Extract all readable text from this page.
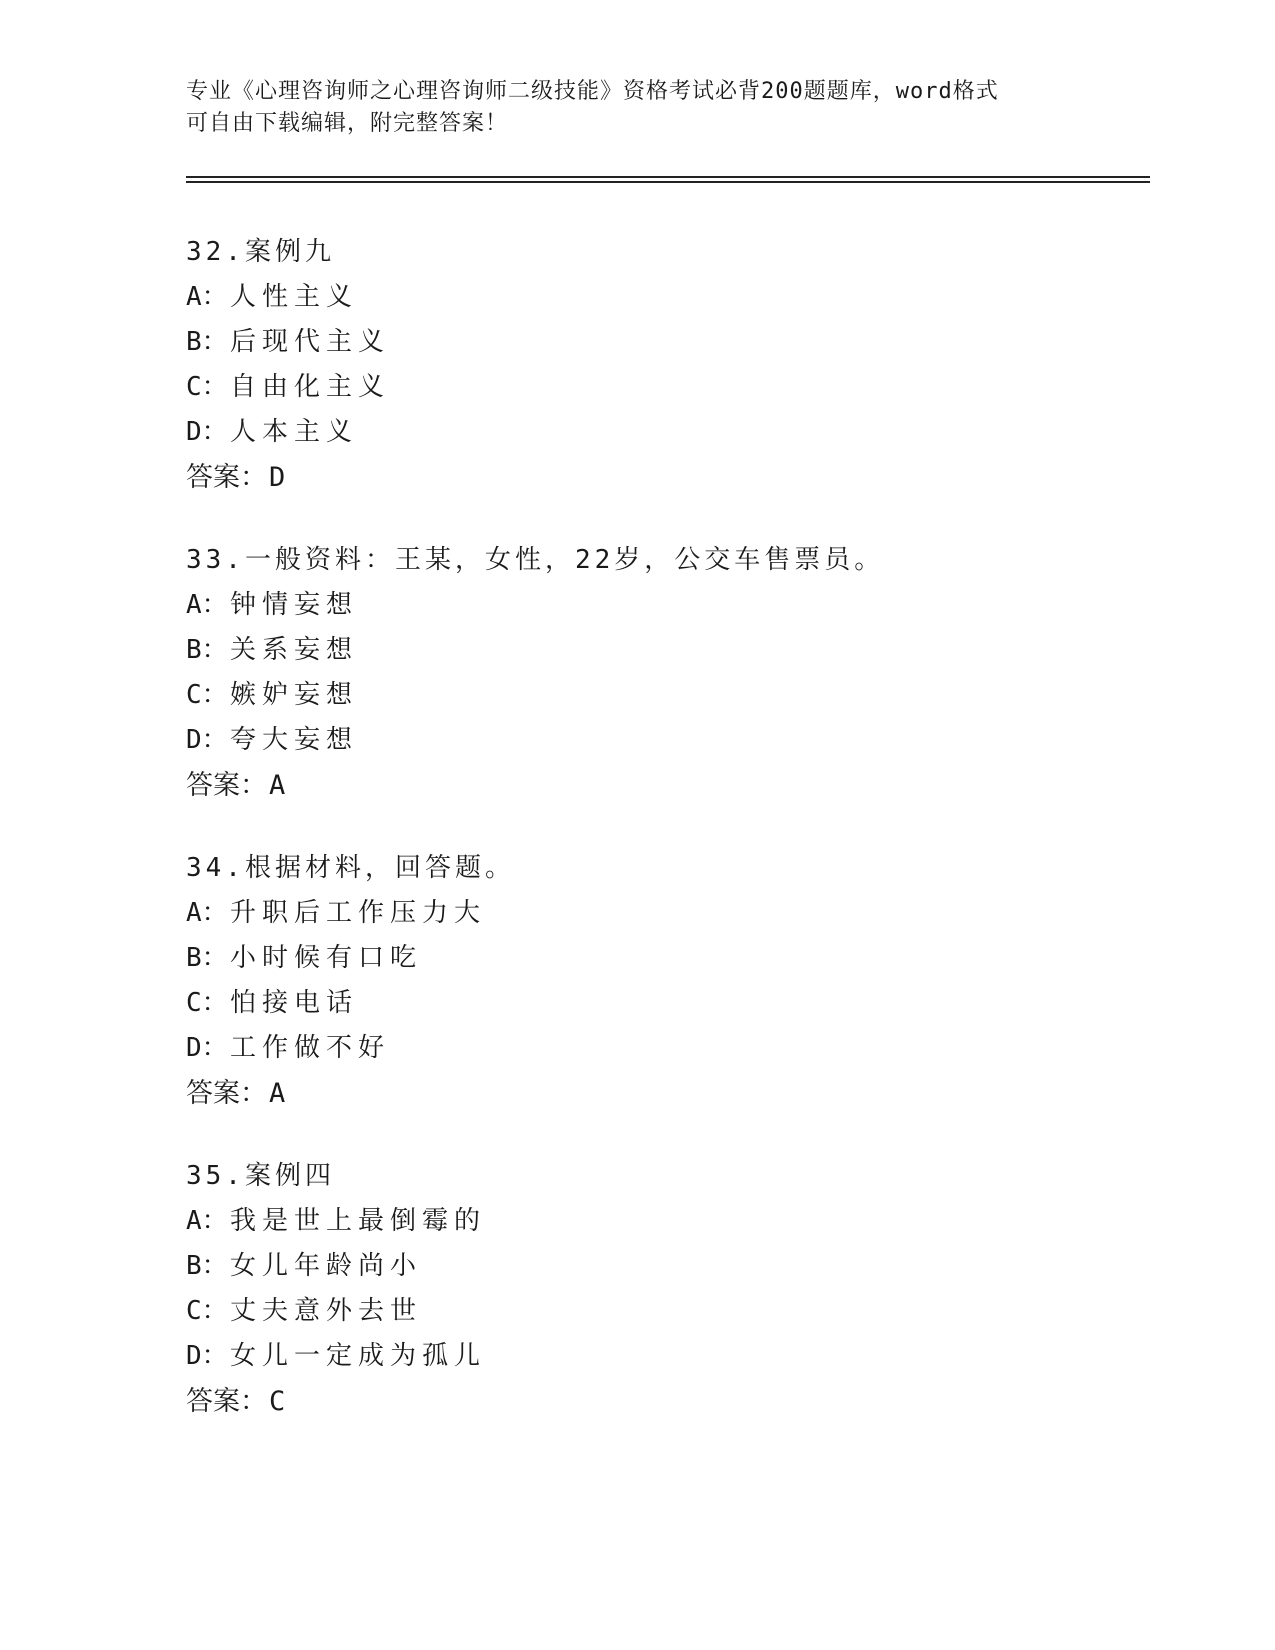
专业《心理咨询师之心理咨询师二级技能》资格考试必背200题题库，word格式
可自由下载编辑，附完整答案！
32.案例九
A：人性主义
B：后现代主义
C：自由化主义
D：人本主义
答案：D
33.一般资料：王某，女性，22岁，公交车售票员。
A：钟情妄想
B：关系妄想
C：嫉妒妄想
D：夸大妄想
答案：A
34.根据材料，回答题。
A：升职后工作压力大
B：小时候有口吃
C：怕接电话
D：工作做不好
答案：A
35.案例四
A：我是世上最倒霉的
B：女儿年龄尚小
C：丈夫意外去世
D：女儿一定成为孤儿
答案：C
